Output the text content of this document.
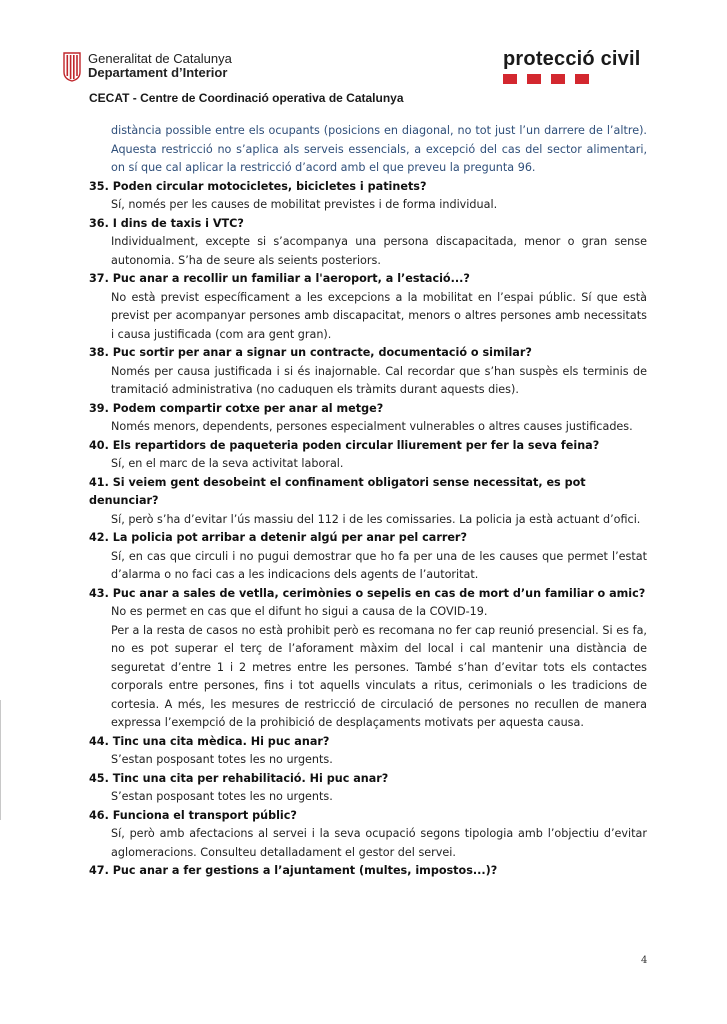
Generalitat de Catalunya
Departament d’Interior
protecció civil
CECAT - Centre de Coordinació operativa de Catalunya
distància possible entre els ocupants (posicions en diagonal, no tot just l’un darrere de l’altre). Aquesta restricció no s’aplica als serveis essencials, a excepció del cas del sector alimentari, on sí que cal aplicar la restricció d’acord amb el que preveu la pregunta 96.
35. Poden circular motocicletes, bicicletes i patinets?
Sí, només per les causes de mobilitat previstes i de forma individual.
36. I dins de taxis i VTC?
Individualment, excepte si s’acompanya una persona discapacitada, menor o gran sense autonomia. S’ha de seure als seients posteriors.
37. Puc anar a recollir un familiar a l'aeroport, a l’estació...?
No està previst específicament a les excepcions a la mobilitat en l’espai públic. Sí que està previst per acompanyar persones amb discapacitat, menors o altres persones amb necessitats i causa justificada (com ara gent gran).
38. Puc sortir per anar a signar un contracte, documentació o similar?
Només per causa justificada i si és inajornable. Cal recordar que s’han suspès els terminis de tramitació administrativa (no caduquen els tràmits durant aquests dies).
39. Podem compartir cotxe per anar al metge?
Només menors, dependents, persones especialment vulnerables o altres causes justificades.
40. Els repartidors de paqueteria poden circular lliurement per fer la seva feina?
Sí, en el marc de la seva activitat laboral.
41. Si veiem gent desobeint el confinament obligatori sense necessitat, es pot denunciar?
Sí, però s’ha d’evitar l’ús massiu del 112 i de les comissaries. La policia ja està actuant d’ofici.
42. La policia pot arribar a detenir algú per anar pel carrer?
Sí, en cas que circuli i no pugui demostrar que ho fa per una de les causes que permet l’estat d’alarma o no faci cas a les indicacions dels agents de l’autoritat.
43. Puc anar a sales de vetlla, cerimònies o sepelis en cas de mort d’un familiar o amic?
No es permet en cas que el difunt ho sigui a causa de la COVID-19.
Per a la resta de casos no està prohibit però es recomana no fer cap reunió presencial. Si es fa, no es pot superar el terç de l’aforament màxim del local i cal mantenir una distància de seguretat d’entre 1 i 2 metres entre les persones. També s’han d’evitar tots els contactes corporals entre persones, fins i tot aquells vinculats a ritus, cerimonials o les tradicions de cortesia. A més, les mesures de restricció de circulació de persones no recullen de manera expressa l’exempció de la prohibició de desplaçaments motivats per aquesta causa.
44. Tinc una cita mèdica. Hi puc anar?
S’estan posposant totes les no urgents.
45. Tinc una cita per rehabilitació. Hi puc anar?
S’estan posposant totes les no urgents.
46. Funciona el transport públic?
Sí, però amb afectacions al servei i la seva ocupació segons tipologia amb l’objectiu d’evitar aglomeracions. Consulteu detalladament el gestor del servei.
47. Puc anar a fer gestions a l’ajuntament (multes, impostos...)?
4
